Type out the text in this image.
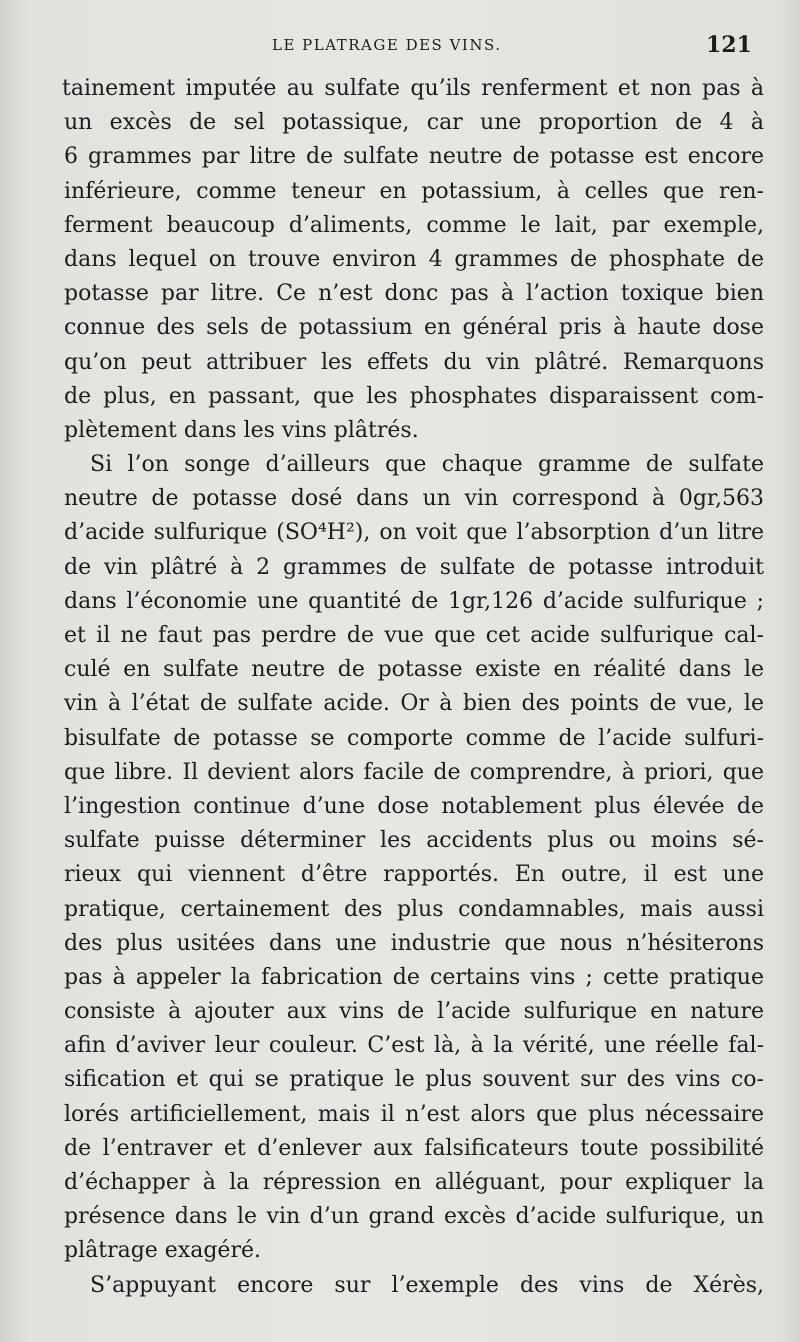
LE PLATRAGE DES VINS.	121
tainement imputée au sulfate qu’ils renferment et non pas à
un excès de sel potassique, car une proportion de 4 à
6 grammes par litre de sulfate neutre de potasse est encore
inférieure, comme teneur en potassium, à celles que ren-
ferment beaucoup d’aliments, comme le lait, par exemple,
dans lequel on trouve environ 4 grammes de phosphate de
potasse par litre. Ce n’est donc pas à l’action toxique bien
connue des sels de potassium en général pris à haute dose
qu’on peut attribuer les effets du vin plâtré. Remarquons
de plus, en passant, que les phosphates disparaissent com-
plètement dans les vins plâtrés.
Si l’on songe d’ailleurs que chaque gramme de sulfate
neutre de potasse dosé dans un vin correspond à 0gr,563
d’acide sulfurique (SO⁴H²), on voit que l’absorption d’un litre
de vin plâtré à 2 grammes de sulfate de potasse introduit
dans l’économie une quantité de 1gr,126 d’acide sulfurique ;
et il ne faut pas perdre de vue que cet acide sulfurique cal-
culé en sulfate neutre de potasse existe en réalité dans le
vin à l’état de sulfate acide. Or à bien des points de vue, le
bisulfate de potasse se comporte comme de l’acide sulfuri-
que libre. Il devient alors facile de comprendre, à priori, que
l’ingestion continue d’une dose notablement plus élevée de
sulfate puisse déterminer les accidents plus ou moins sé-
rieux qui viennent d’être rapportés. En outre, il est une
pratique, certainement des plus condamnables, mais aussi
des plus usitées dans une industrie que nous n’hésiterons
pas à appeler la fabrication de certains vins ; cette pratique
consiste à ajouter aux vins de l’acide sulfurique en nature
afin d’aviver leur couleur. C’est là, à la vérité, une réelle fal-
sification et qui se pratique le plus souvent sur des vins co-
lorés artificiellement, mais il n’est alors que plus nécessaire
de l’entraver et d’enlever aux falsificateurs toute possibilité
d’échapper à la répression en alléguant, pour expliquer la
présence dans le vin d’un grand excès d’acide sulfurique, un
plâtrage exagéré.
S’appuyant encore sur l’exemple des vins de Xérès,
